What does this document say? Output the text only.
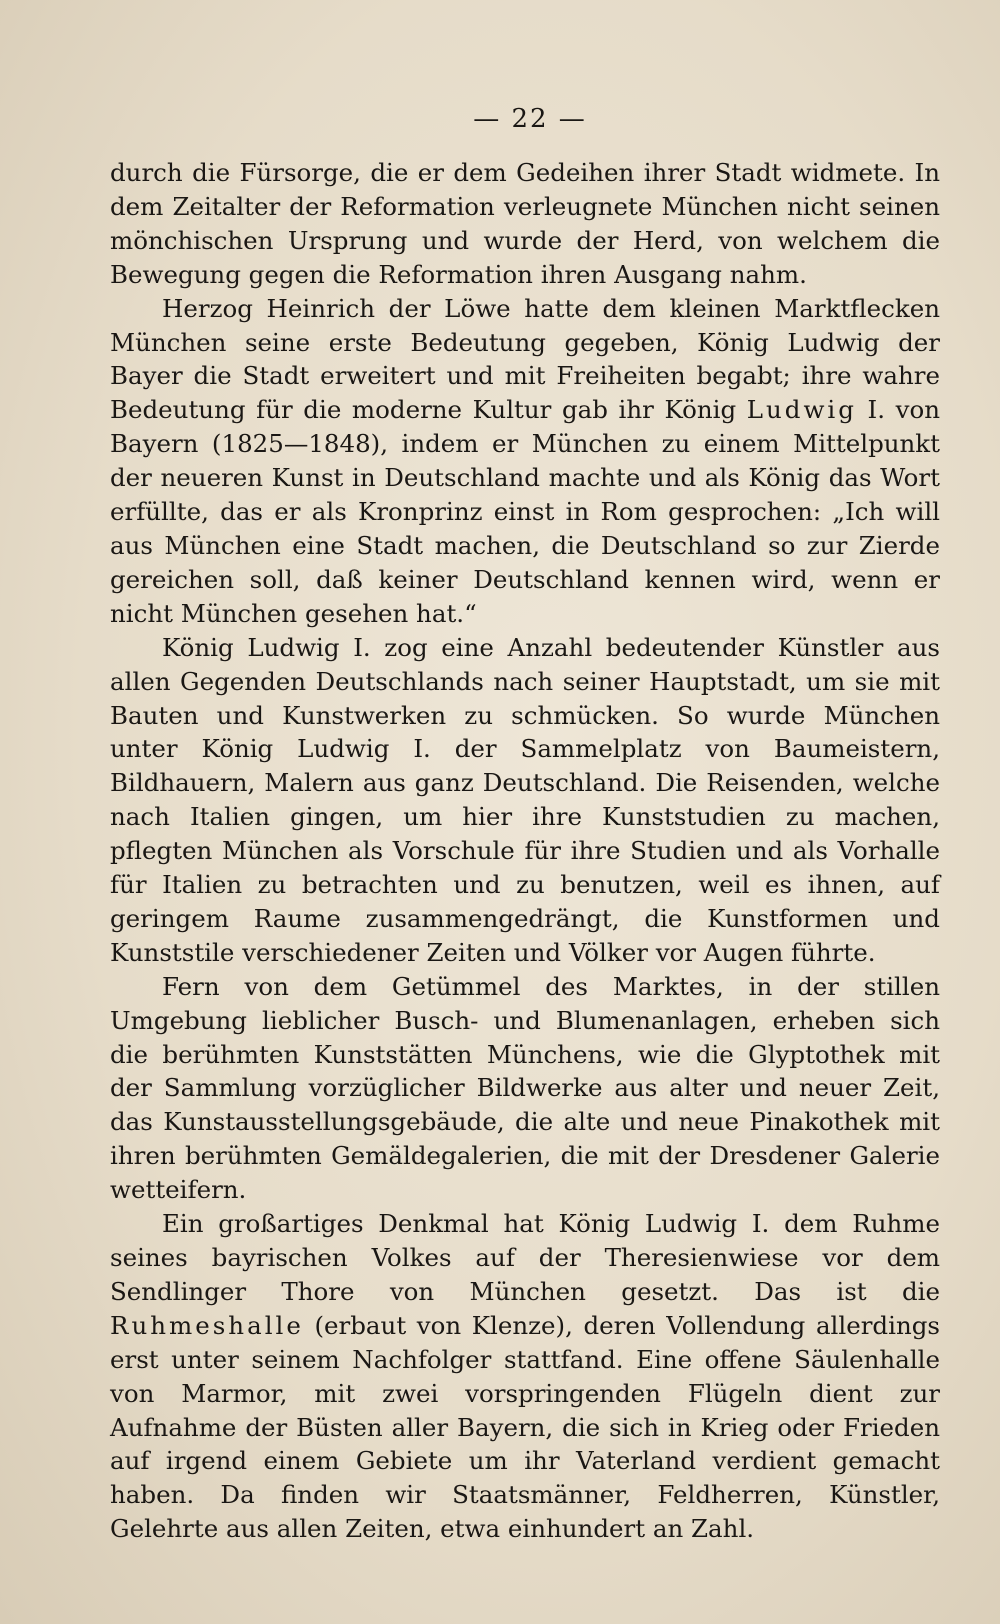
— 22 —

durch die Fürsorge, die er dem Gedeihen ihrer Stadt widmete. In dem Zeitalter der Reformation verleugnete München nicht seinen mönchischen Ursprung und wurde der Herd, von welchem die Bewegung gegen die Reformation ihren Ausgang nahm.

Herzog Heinrich der Löwe hatte dem kleinen Marktflecken München seine erste Bedeutung gegeben, König Ludwig der Bayer die Stadt erweitert und mit Freiheiten begabt; ihre wahre Bedeutung für die moderne Kultur gab ihr König Ludwig I. von Bayern (1825—1848), indem er München zu einem Mittelpunkt der neueren Kunst in Deutschland machte und als König das Wort erfüllte, das er als Kronprinz einst in Rom gesprochen: „Ich will aus München eine Stadt machen, die Deutschland so zur Zierde gereichen soll, daß keiner Deutschland kennen wird, wenn er nicht München gesehen hat.“

König Ludwig I. zog eine Anzahl bedeutender Künstler aus allen Gegenden Deutschlands nach seiner Hauptstadt, um sie mit Bauten und Kunstwerken zu schmücken. So wurde München unter König Ludwig I. der Sammelplatz von Baumeistern, Bildhauern, Malern aus ganz Deutschland. Die Reisenden, welche nach Italien gingen, um hier ihre Kunststudien zu machen, pflegten München als Vorschule für ihre Studien und als Vorhalle für Italien zu betrachten und zu benutzen, weil es ihnen, auf geringem Raume zusammengedrängt, die Kunstformen und Kunststile verschiedener Zeiten und Völker vor Augen führte.

Fern von dem Getümmel des Marktes, in der stillen Umgebung lieblicher Busch- und Blumenanlagen, erheben sich die berühmten Kunststätten Münchens, wie die Glyptothek mit der Sammlung vorzüglicher Bildwerke aus alter und neuer Zeit, das Kunstausstellungsgebäude, die alte und neue Pinakothek mit ihren berühmten Gemäldegalerien, die mit der Dresdener Galerie wetteifern.

Ein großartiges Denkmal hat König Ludwig I. dem Ruhme seines bayrischen Volkes auf der Theresienwiese vor dem Sendlinger Thore von München gesetzt. Das ist die Ruhmeshalle (erbaut von Klenze), deren Vollendung allerdings erst unter seinem Nachfolger stattfand. Eine offene Säulenhalle von Marmor, mit zwei vorspringenden Flügeln dient zur Aufnahme der Büsten aller Bayern, die sich in Krieg oder Frieden auf irgend einem Gebiete um ihr Vaterland verdient gemacht haben. Da finden wir Staatsmänner, Feldherren, Künstler, Gelehrte aus allen Zeiten, etwa einhundert an Zahl.
